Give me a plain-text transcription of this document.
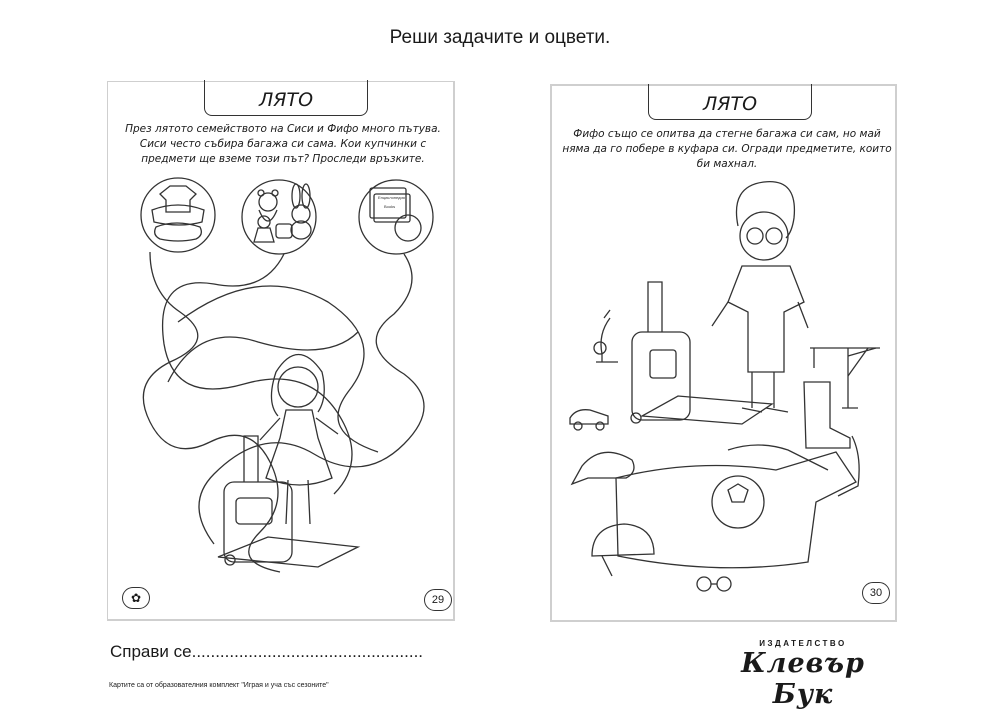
Реши задачите и оцвети.
ЛЯТО
През лятото семейството на Сиси и Фифо много пътува. Сиси често събира багажа си сама. Кои купчинки с предмети ще вземе този път? Проследи връзките.
Енциклопедия
Books
✿	29
ЛЯТО
Фифо също се опитва да стегне багажа си сам, но май няма да го побере в куфара си. Огради предметите, които би махнал.
30
Справи се.................................................
Картите са от образователния комплект "Играя и уча със сезоните"
ИЗДАТЕЛСТВО
Клевър Бук
